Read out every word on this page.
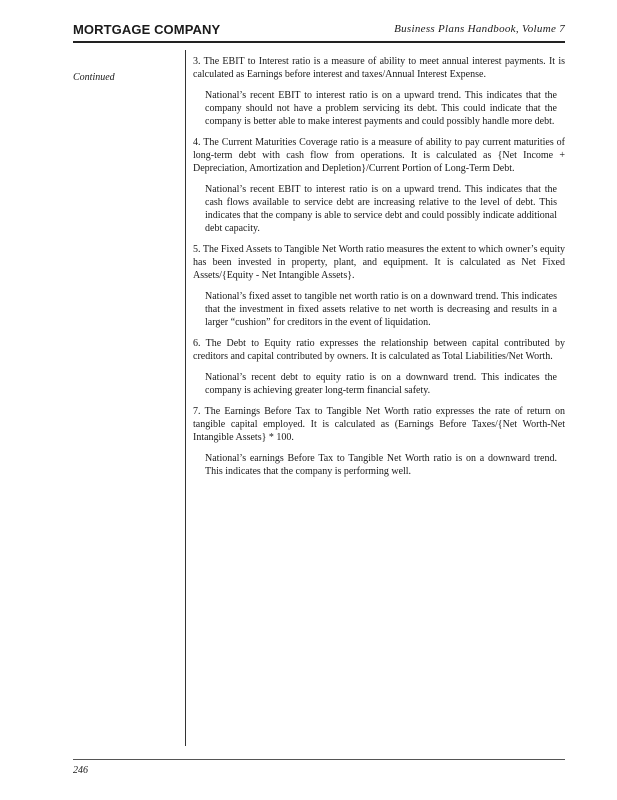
MORTGAGE COMPANY	Business Plans Handbook, Volume 7
Continued

3. The EBIT to Interest ratio is a measure of ability to meet annual interest payments. It is calculated as Earnings before interest and taxes/Annual Interest Expense.

National’s recent EBIT to interest ratio is on a upward trend. This indicates that the company should not have a problem servicing its debt. This could indicate that the company is better able to make interest payments and could possibly handle more debt.

4. The Current Maturities Coverage ratio is a measure of ability to pay current maturities of long-term debt with cash flow from operations. It is calculated as {Net Income + Depreciation, Amortization and Depletion}/Current Portion of Long-Term Debt.

National’s recent EBIT to interest ratio is on a upward trend. This indicates that the cash flows available to service debt are increasing relative to the level of debt. This indicates that the company is able to service debt and could possibly indicate additional debt capacity.

5. The Fixed Assets to Tangible Net Worth ratio measures the extent to which owner’s equity has been invested in property, plant, and equipment. It is calculated as Net Fixed Assets/{Equity - Net Intangible Assets}.

National’s fixed asset to tangible net worth ratio is on a downward trend. This indicates that the investment in fixed assets relative to net worth is decreasing and results in a larger “cushion” for creditors in the event of liquidation.

6. The Debt to Equity ratio expresses the relationship between capital contributed by creditors and capital contributed by owners. It is calculated as Total Liabilities/Net Worth.

National’s recent debt to equity ratio is on a downward trend. This indicates the company is achieving greater long-term financial safety.

7. The Earnings Before Tax to Tangible Net Worth ratio expresses the rate of return on tangible capital employed. It is calculated as (Earnings Before Taxes/{Net Worth-Net Intangible Assets} * 100.

National’s earnings Before Tax to Tangible Net Worth ratio is on a downward trend. This indicates that the company is performing well.

246
